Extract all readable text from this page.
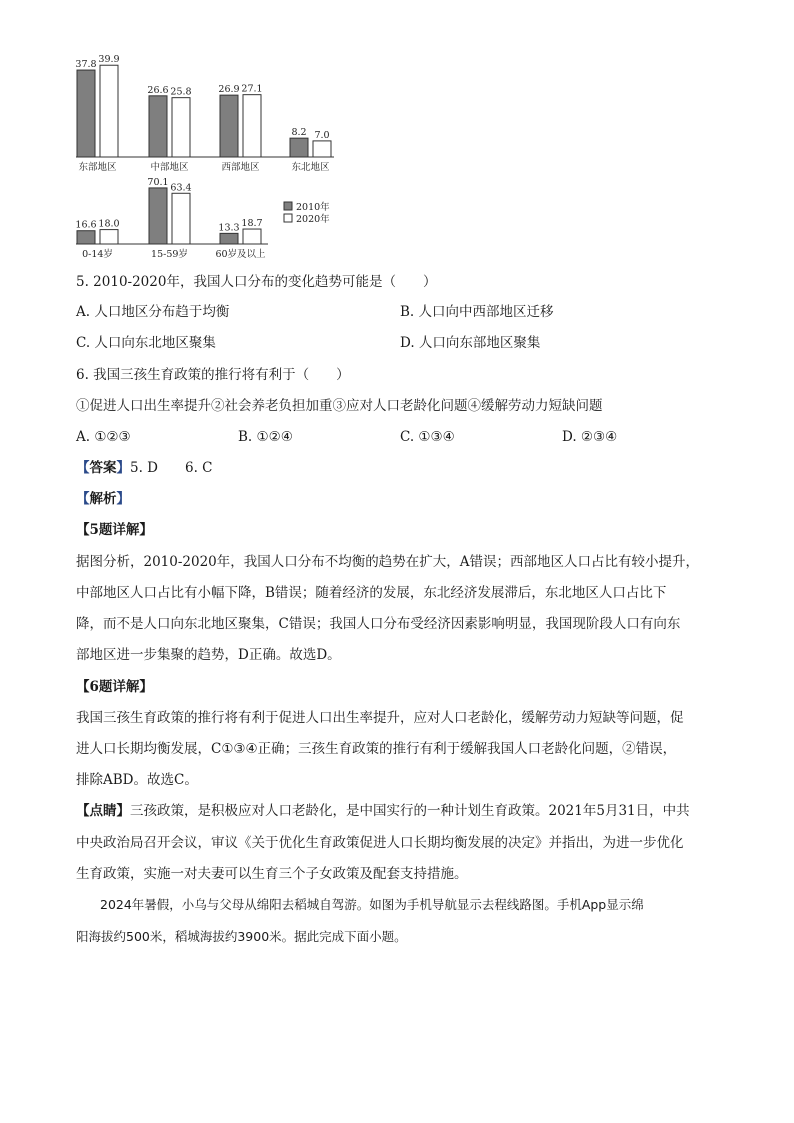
37.8 39.9
东部地区
26.6 25.8
中部地区
26.9 27.1
西部地区
8.2 7.0
东北地区
16.6 18.0
0-14岁
70.1 63.4
15-59岁
13.3 18.7
60岁及以上
2010年
2020年
5. 2010-2020年，我国人口分布的变化趋势可能是（　　）
A. 人口地区分布趋于均衡	B. 人口向中西部地区迁移
C. 人口向东北地区聚集	D. 人口向东部地区聚集
6. 我国三孩生育政策的推行将有利于（　　）
①促进人口出生率提升②社会养老负担加重③应对人口老龄化问题④缓解劳动力短缺问题
A. ①②③	B. ①②④	C. ①③④	D. ②③④
【答案】5. D　　6. C
【解析】
【5题详解】
据图分析，2010-2020年，我国人口分布不均衡的趋势在扩大，A错误；西部地区人口占比有较小提升，
中部地区人口占比有小幅下降，B错误；随着经济的发展，东北经济发展滞后，东北地区人口占比下
降，而不是人口向东北地区聚集，C错误；我国人口分布受经济因素影响明显，我国现阶段人口有向东
部地区进一步集聚的趋势，D正确。故选D。
【6题详解】
我国三孩生育政策的推行将有利于促进人口出生率提升，应对人口老龄化，缓解劳动力短缺等问题，促
进人口长期均衡发展，C①③④正确；三孩生育政策的推行有利于缓解我国人口老龄化问题，②错误，
排除ABD。故选C。
【点睛】三孩政策，是积极应对人口老龄化，是中国实行的一种计划生育政策。2021年5月31日，中共
中央政治局召开会议，审议《关于优化生育政策促进人口长期均衡发展的决定》并指出，为进一步优化
生育政策，实施一对夫妻可以生育三个子女政策及配套支持措施。
2024年暑假，小乌与父母从绵阳去稻城自驾游。如图为手机导航显示去程线路图。手机App显示绵
阳海拔约500米，稻城海拔约3900米。据此完成下面小题。
